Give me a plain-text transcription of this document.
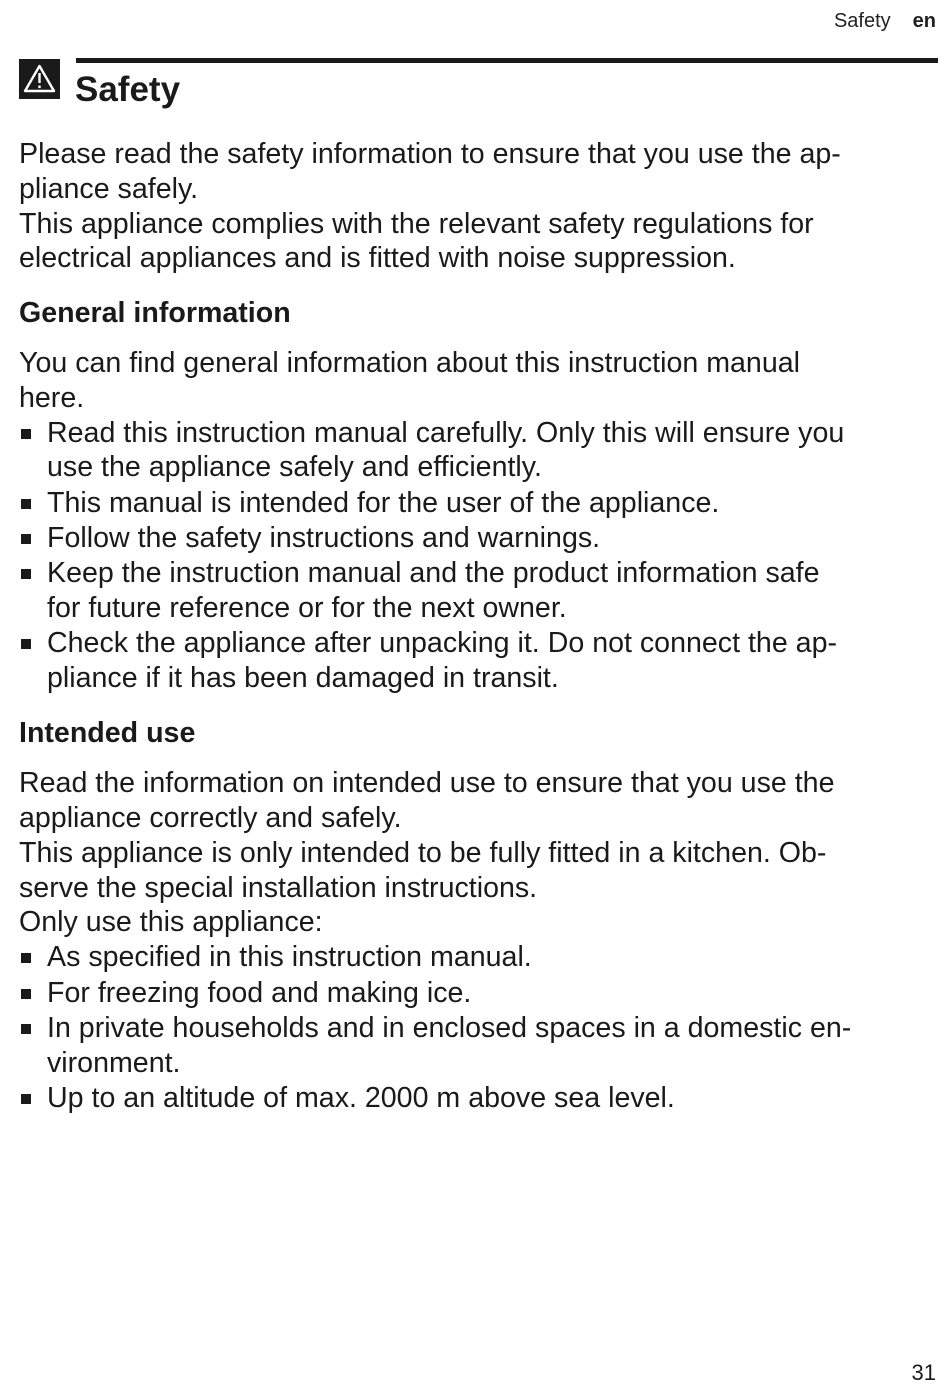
Safety en
Safety

Please read the safety information to ensure that you use the ap-
pliance safely.

This appliance complies with the relevant safety regulations for
electrical appliances and is fitted with noise suppression.

General information

You can find general information about this instruction manual
here.

Read this instruction manual carefully. Only this will ensure you
use the appliance safely and efficiently.
This manual is intended for the user of the appliance.
Follow the safety instructions and warnings.
Keep the instruction manual and the product information safe
for future reference or for the next owner.
Check the appliance after unpacking it. Do not connect the ap-
pliance if it has been damaged in transit.
Intended use

Read the information on intended use to ensure that you use the
appliance correctly and safely.

This appliance is only intended to be fully fitted in a kitchen. Ob-
serve the special installation instructions.

Only use this appliance:

As specified in this instruction manual.
For freezing food and making ice.
In private households and in enclosed spaces in a domestic en-
vironment.
Up to an altitude of max. 2000 m above sea level.
31
